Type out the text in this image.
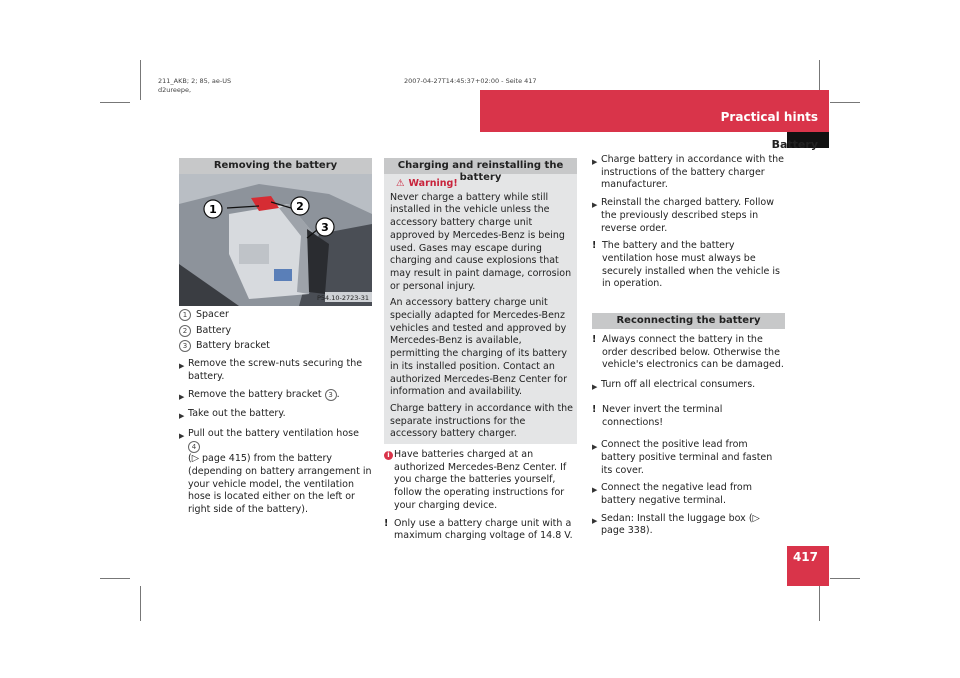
211_AKB; 2; 85, ae-US
d2ureepe,
2007-04-27T14:45:37+02:00 - Seite 417
Practical hints
Battery
417
Removing the battery
1	2
3
P54.10-2723-31
1 Spacer
2 Battery
3 Battery bracket
▶ Remove the screw-nuts securing the battery.
▶ Remove the battery bracket 3 .
▶ Take out the battery.
▶ Pull out the battery ventilation hose 4
(▷ page 415) from the battery (depending on battery arrangement in your vehicle model, the ventilation hose is located either on the left or right side of the battery).
Charging and reinstalling the battery
⚠ Warning!

Never charge a battery while still installed in the vehicle unless the accessory battery charge unit approved by Mercedes-Benz is being used. Gases may escape during charging and cause explosions that may result in paint damage, corrosion or personal injury.

An accessory battery charge unit specially adapted for Mercedes-Benz vehicles and tested and approved by Mercedes-Benz is available, permitting the charging of its battery in its installed position. Contact an authorized Mercedes-Benz Center for information and availability.

Charge battery in accordance with the separate instructions for the accessory battery charger.

i Have batteries charged at an authorized Mercedes-Benz Center. If you charge the batteries yourself, follow the operating instructions for your charging device.
! Only use a battery charge unit with a maximum charging voltage of 14.8 V.
▶ Charge battery in accordance with the instructions of the battery charger manufacturer.
▶ Reinstall the charged battery. Follow the previously described steps in reverse order.
! The battery and the battery ventilation hose must always be securely installed when the vehicle is in operation.
Reconnecting the battery
! Always connect the battery in the order described below. Otherwise the vehicle's electronics can be damaged.
▶ Turn off all electrical consumers.
! Never invert the terminal connections!
▶ Connect the positive lead from battery positive terminal and fasten its cover.
▶ Connect the negative lead from battery negative terminal.
▶ Sedan: Install the luggage box (▷ page 338).
